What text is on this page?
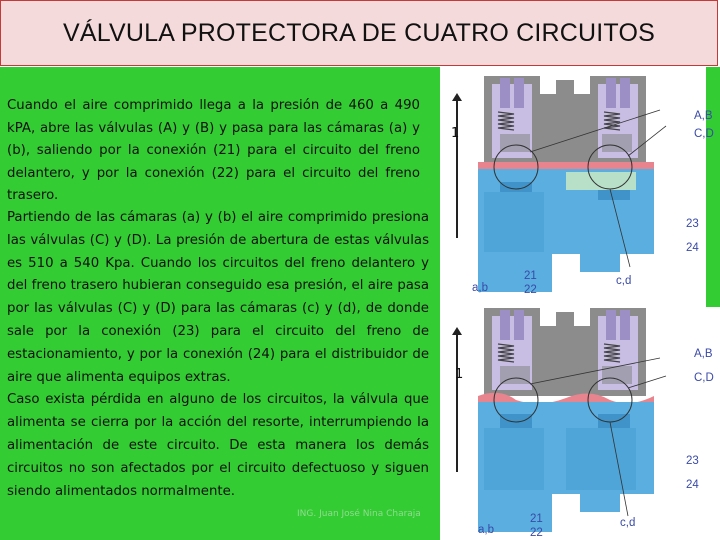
VÁLVULA PROTECTORA DE CUATRO CIRCUITOS

Cuando el aire comprimido llega a la presión de 460 a 490 kPA, abre las válvulas (A) y (B) y pasa para las cámaras (a) y (b), saliendo por la conexión (21) para el circuito del freno delantero, y por la conexión (22) para el circuito del freno trasero.

Partiendo de las cámaras (a) y (b) el aire comprimido presiona las válvulas (C) y (D). La presión de abertura de estas válvulas es 510 a 540 Kpa. Cuando los circuitos del freno delantero y del freno trasero hubieran conseguido esa presión, el aire pasa por las válvulas (C) y (D) para las cámaras (c) y (d), de donde sale por la conexión (23) para el circuito del freno de estacionamiento, y por la conexión (24) para el distribuidor de aire que alimenta equipos extras.
Caso exista pérdida en alguno de los circuitos, la válvula que alimenta se cierra por la acción del resorte, interrumpiendo la alimentación de este circuito. De esta manera los demás circuitos no son afectados por el circuito defectuoso y siguen siendo alimentados normalmente.

ING. Juan José Nina Charaja
1
A,B
C,D
23
24
21
22
a,b
c,d
1
A,B
C,D
23
24
21
22
a,b
c,d
